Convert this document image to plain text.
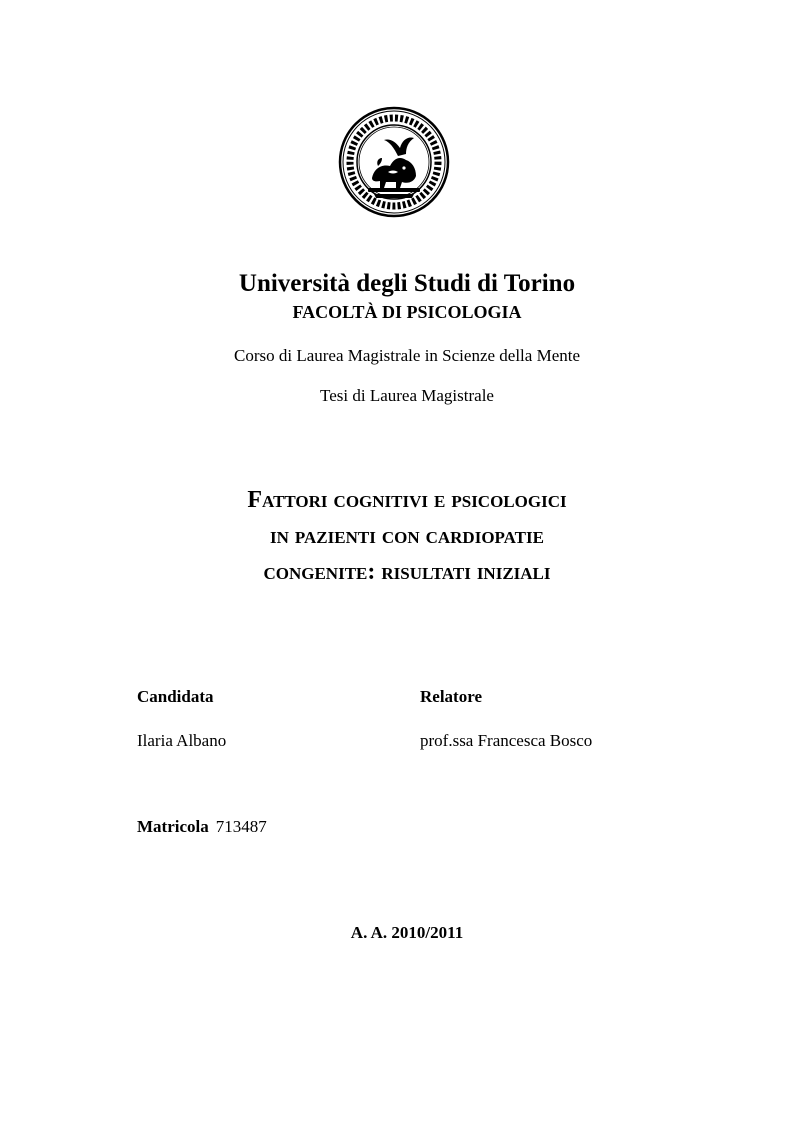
Università degli Studi di Torino
FACOLTÀ DI PSICOLOGIA
Corso di Laurea Magistrale in Scienze della Mente
Tesi di Laurea Magistrale
Fattori cognitivi e psicologici
in pazienti con cardiopatie
congenite: risultati iniziali
Candidata	Relatore
Ilaria Albano	prof.ssa Francesca Bosco
Matricola 713487
A. A. 2010/2011
